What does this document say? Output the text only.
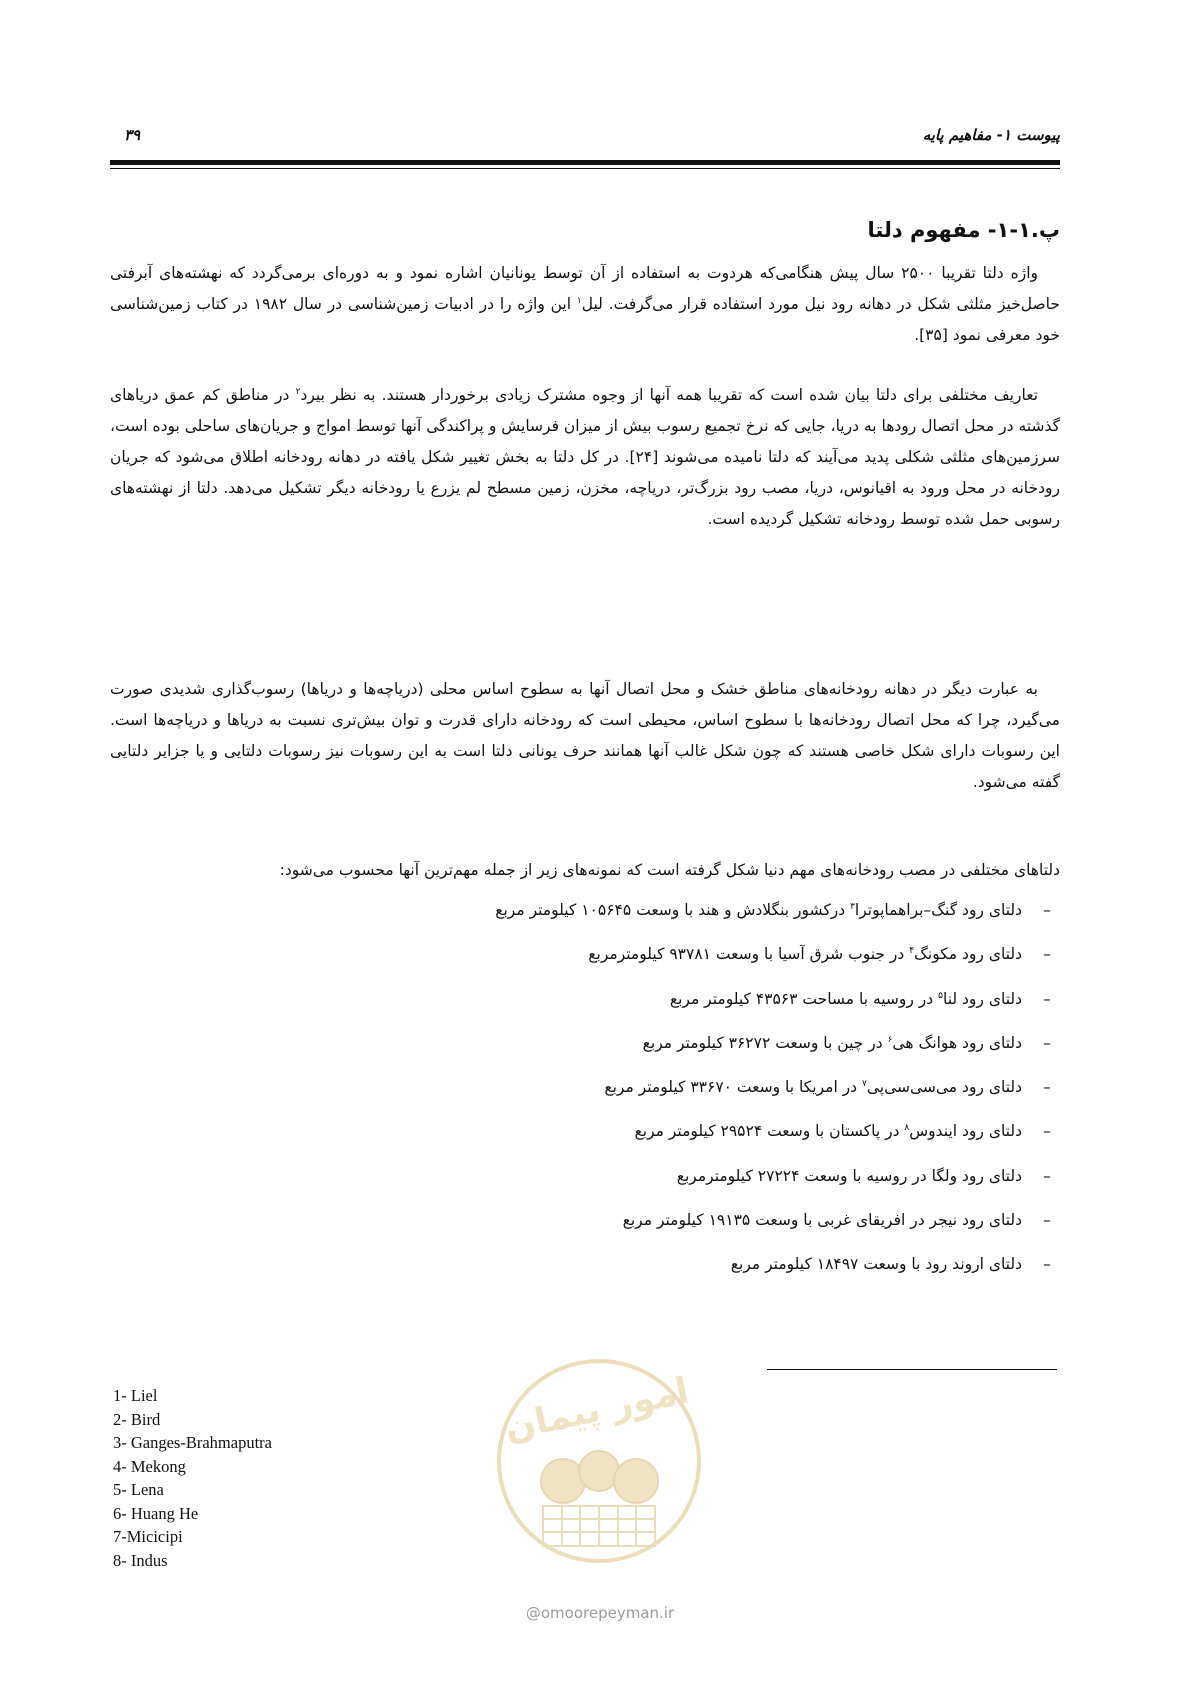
پیوست ۱- مفاهیم پایه
۳۹
پ.۱-۱- مفهوم دلتا

واژه دلتا تقریبا ۲۵۰۰ سال پیش هنگامی‌که هردوت به استفاده از آن توسط یونانیان اشاره نمود و به دوره‌ای برمی‌گردد که نهشته‌های آبرفتی حاصل‌خیز مثلثی شکل در دهانه رود نیل مورد استفاده قرار می‌گرفت. لیل$^۱$ این واژه را در ادبیات زمین‌شناسی در سال ۱۹۸۲ در کتاب زمین‌شناسی خود معرفی نمود [۳۵].

تعاریف مختلفی برای دلتا بیان شده است که تقریبا همه آنها از وجوه مشترک زیادی برخوردار هستند. به نظر بیرد$^۲$ در مناطق کم عمق دریاهای گذشته در محل اتصال رودها به دریا، جایی که نرخ تجمیع رسوب بیش از میزان فرسایش و پراکندگی آنها توسط امواج و جریان‌های ساحلی بوده است، سرزمین‌های مثلثی شکلی پدید می‌آیند که دلتا نامیده می‌شوند [۲۴]. در کل دلتا به بخش تغییر شکل یافته در دهانه رودخانه اطلاق می‌شود که جریان رودخانه در محل ورود به اقیانوس، دریا، مصب رود بزرگ‌تر، دریاچه، مخزن، زمین مسطح لم یزرع یا رودخانه دیگر تشکیل می‌دهد. دلتا از نهشته‌های رسوبی حمل شده توسط رودخانه تشکیل گردیده است.

به عبارت دیگر در دهانه رودخانه‌های مناطق خشک و محل اتصال آنها به سطوح اساس محلی (دریاچه‌ها و دریاها) رسوب‌گذاری شدیدی صورت می‌گیرد، چرا که محل اتصال رودخانه‌ها با سطوح اساس، محیطی است که رودخانه دارای قدرت و توان بیش‌تری نسبت به دریاها و دریاچه‌ها است. این رسوبات دارای شکل خاصی هستند که چون شکل غالب آنها همانند حرف یونانی دلتا است به این رسوبات نیز رسوبات دلتایی و یا جزایر دلتایی گفته می‌شود.

دلتاهای مختلفی در مصب رودخانه‌های مهم دنیا شکل گرفته است که نمونه‌های زیر از جمله مهم‌ترین آنها محسوب می‌شود:
–دلتای رود گنگ–براهماپوترا$^۳$ درکشور بنگلادش و هند با وسعت ۱۰۵۶۴۵ کیلومتر مربع
–دلتای رود مکونگ$^۴$ در جنوب شرق آسیا با وسعت ۹۳۷۸۱ کیلومترمربع
–دلتای رود لنا$^۵$ در روسیه با مساحت ۴۳۵۶۳ کیلومتر مربع
–دلتای رود هوانگ هی$^۶$ در چین با وسعت ۳۶۲۷۲ کیلومتر مربع
–دلتای رود می‌سی‌سی‌پی$^۷$ در امریکا با وسعت ۳۳۶۷۰ کیلومتر مربع
–دلتای رود ایندوس$^۸$ در پاکستان با وسعت ۲۹۵۲۴ کیلومتر مربع
–دلتای رود ولگا در روسیه با وسعت ۲۷۲۲۴ کیلومترمربع
–دلتای رود نیجر در افریقای غربی با وسعت ۱۹۱۳۵ کیلومتر مربع
–دلتای اروند رود با وسعت ۱۸۴۹۷ کیلومتر مربع
1- Liel
2- Bird
3- Ganges-Brahmaputra
4- Mekong
5- Lena
6- Huang He
7-Micicipi
8- Indus
امور پیمان
@omoorepeyman.ir
